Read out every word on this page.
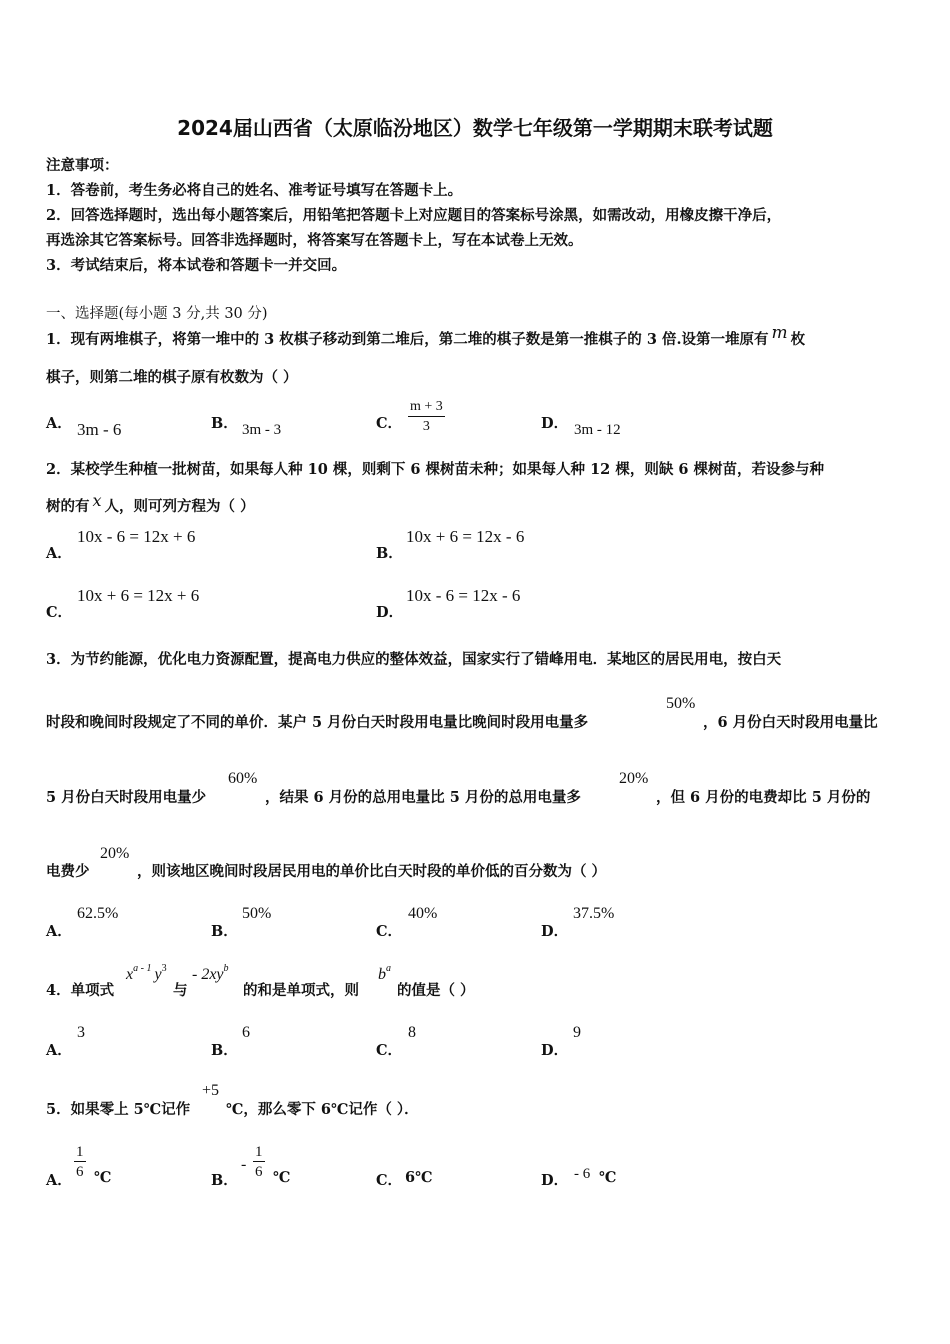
2024届山西省（太原临汾地区）数学七年级第一学期期末联考试题
注意事项：
1．答卷前，考生务必将自己的姓名、准考证号填写在答题卡上。
2．回答选择题时，选出每小题答案后，用铅笔把答题卡上对应题目的答案标号涂黑，如需改动，用橡皮擦干净后，
再选涂其它答案标号。回答非选择题时，将答案写在答题卡上，写在本试卷上无效。
3．考试结束后，将本试卷和答题卡一并交回。
一、选择题(每小题 3 分,共 30 分)
1．现有两堆棋子，将第一堆中的 3 枚棋子移动到第二堆后，第二堆的棋子数是第一推棋子的 3 倍.设第一堆原有 m 枚
棋子，则第二堆的棋子原有枚数为（ ）
A． 3m - 6	B． 3m - 3	C． $\frac{m + 3}{3}$	D． 3m - 12
2．某校学生种植一批树苗，如果每人种 10 棵，则剩下 6 棵树苗未种；如果每人种 12 棵，则缺 6 棵树苗，若设参与种
树的有 x 人，则可列方程为（ ）
A．
10x - 6 = 12x + 6
B．
10x + 6 = 12x - 6
C．
10x + 6 = 12x + 6
D．
10x - 6 = 12x - 6
3．为节约能源，优化电力资源配置，提高电力供应的整体效益，国家实行了错峰用电．某地区的居民用电，按白天
时段和晚间时段规定了不同的单价．某户 5 月份白天时段用电量比晚间时段用电量多
50%
，6 月份白天时段用电量比
5 月份白天时段用电量少
60%
，结果 6 月份的总用电量比 5 月份的总用电量多
20%
，但 6 月份的电费却比 5 月份的
电费少
20%
，则该地区晚间时段居民用电的单价比白天时段的单价低的百分数为（ ）
A．
62.5%
B．
50%
C．
40%
D．
37.5%
4．单项式
$x^{a - 1}$ $y^3$
与
- $2xy^b$
的和是单项式，则
$b^a$
的值是（ ）
A．
3
B．
6
C．
8
D．
9
5．如果零上 5℃记作
+5
℃，那么零下 6℃记作（ ）．
A． $\frac{1}{6}$ ℃	B．
- $\frac{1}{6}$ ℃	C． 6℃	D． - 6 ℃
